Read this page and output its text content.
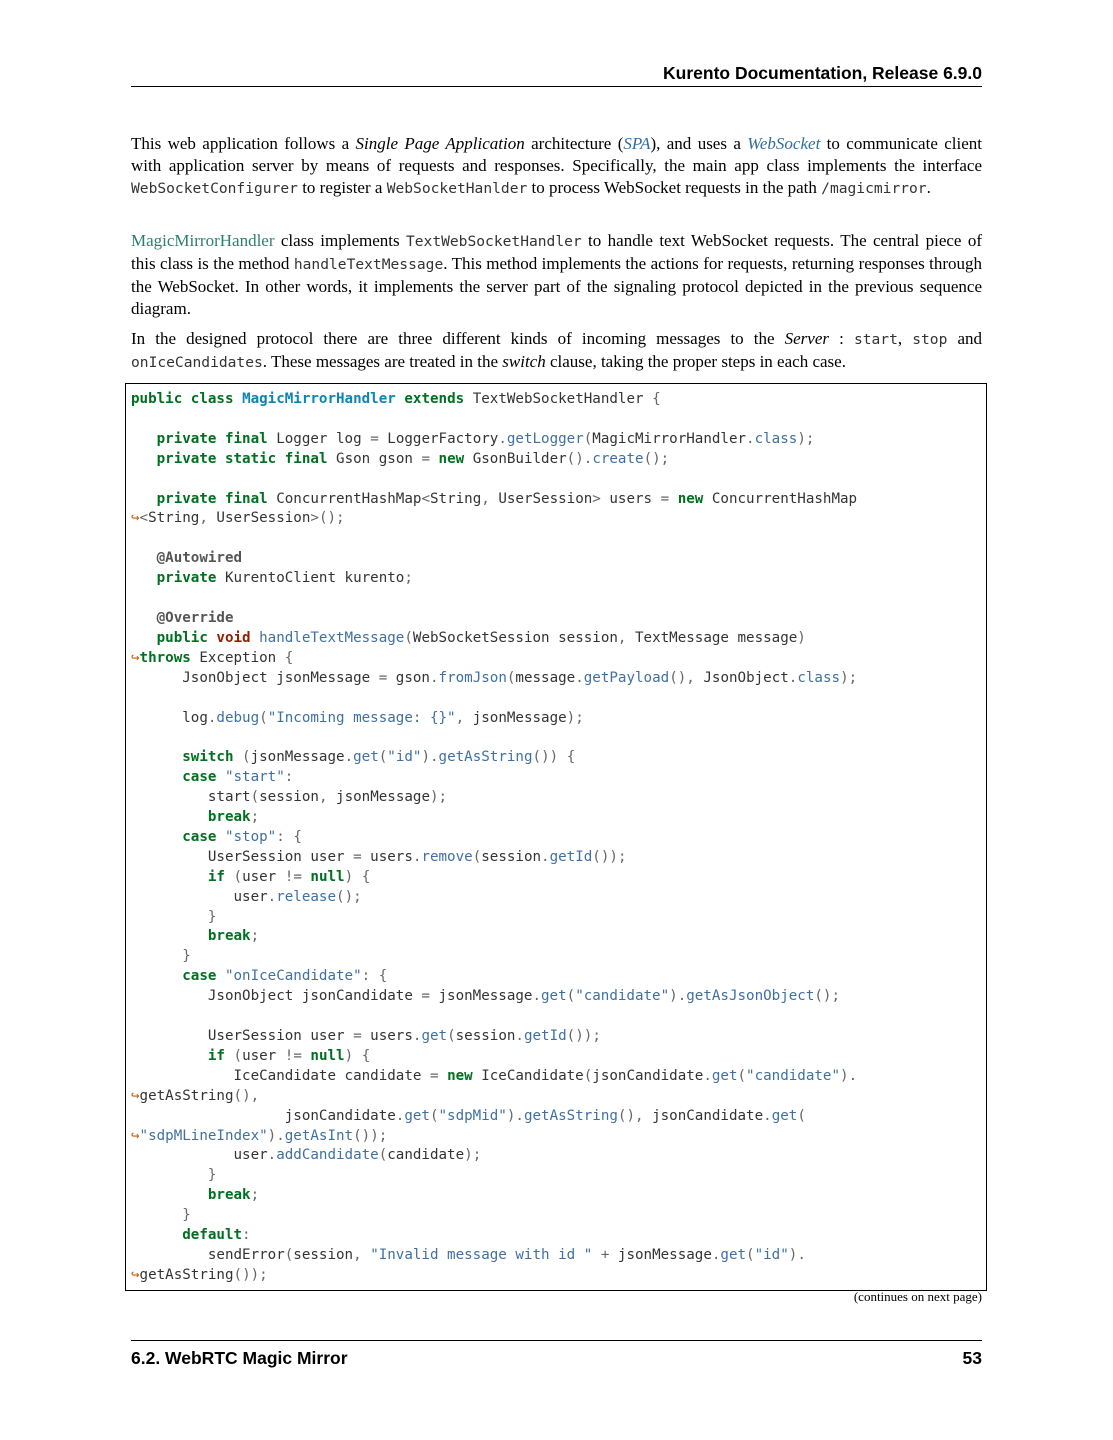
Kurento Documentation, Release 6.9.0

This web application follows a Single Page Application architecture (SPA), and uses a WebSocket to communicate client with application server by means of requests and responses. Specifically, the main app class implements the interface WebSocketConfigurer to register a WebSocketHanlder to process WebSocket requests in the path /magicmirror.

MagicMirrorHandler class implements TextWebSocketHandler to handle text WebSocket requests. The central piece of this class is the method handleTextMessage. This method implements the actions for requests, returning responses through the WebSocket. In other words, it implements the server part of the signaling protocol depicted in the previous sequence diagram.

In the designed protocol there are three different kinds of incoming messages to the Server : start, stop and onIceCandidates. These messages are treated in the switch clause, taking the proper steps in each case.

public class MagicMirrorHandler extends TextWebSocketHandler {

private final Logger log = LoggerFactory.getLogger(MagicMirrorHandler.class);
private static final Gson gson = new GsonBuilder().create();

private final ConcurrentHashMap<String, UserSession> users = new ConcurrentHashMap
↪<String, UserSession>();

@Autowired
private KurentoClient kurento;

@Override
public void handleTextMessage(WebSocketSession session, TextMessage message)
↪throws Exception {
JsonObject jsonMessage = gson.fromJson(message.getPayload(), JsonObject.class);

log.debug("Incoming message: {}", jsonMessage);

switch (jsonMessage.get("id").getAsString()) {
case "start":
start(session, jsonMessage);
break;
case "stop": {
UserSession user = users.remove(session.getId());
if (user != null) {
user.release();
}
break;
}
case "onIceCandidate": {
JsonObject jsonCandidate = jsonMessage.get("candidate").getAsJsonObject();

UserSession user = users.get(session.getId());
if (user != null) {
IceCandidate candidate = new IceCandidate(jsonCandidate.get("candidate").
↪getAsString(),
jsonCandidate.get("sdpMid").getAsString(), jsonCandidate.get(
↪"sdpMLineIndex").getAsInt());
user.addCandidate(candidate);
}
break;
}
default:
sendError(session, "Invalid message with id " + jsonMessage.get("id").
↪getAsString());
(continues on next page)
6.2. WebRTC Magic Mirror	53
